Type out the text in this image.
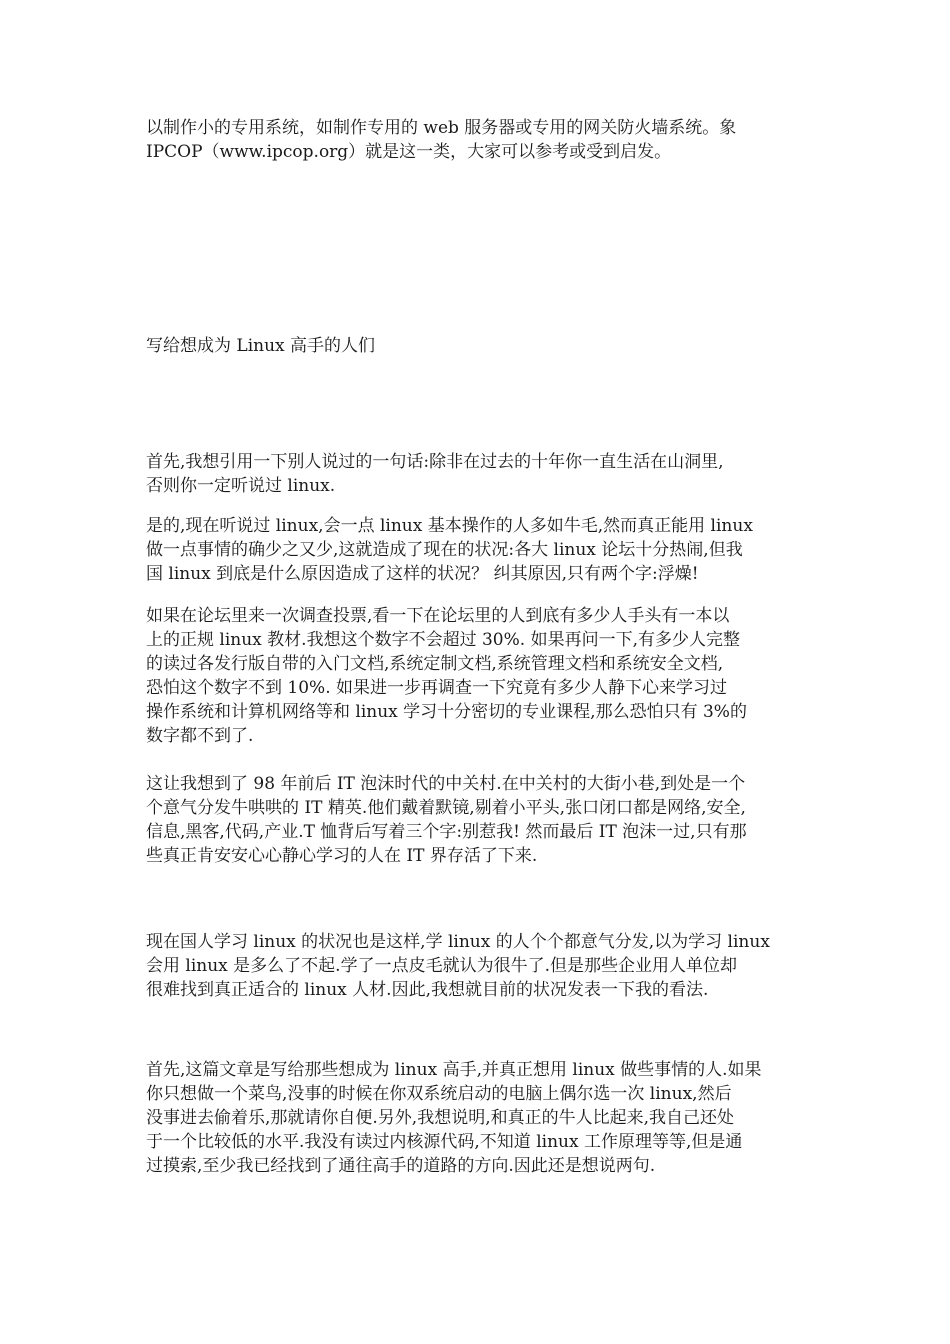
以制作小的专用系统，如制作专用的 web 服务器或专用的网关防火墙系统。象
IPCOP（www.ipcop.org）就是这一类，大家可以参考或受到启发。
写给想成为 Linux 高手的人们
首先,我想引用一下别人说过的一句话:除非在过去的十年你一直生活在山洞里,
否则你一定听说过 linux.
是的,现在听说过 linux,会一点 linux 基本操作的人多如牛毛,然而真正能用 linux
做一点事情的确少之又少,这就造成了现在的状况:各大 linux 论坛十分热闹,但我
国 linux 到底是什么原因造成了这样的状况？ 纠其原因,只有两个字:浮燥!
如果在论坛里来一次调查投票,看一下在论坛里的人到底有多少人手头有一本以
上的正规 linux 教材.我想这个数字不会超过 30%. 如果再问一下,有多少人完整
的读过各发行版自带的入门文档,系统定制文档,系统管理文档和系统安全文档,
恐怕这个数字不到 10%. 如果进一步再调查一下究竟有多少人静下心来学习过
操作系统和计算机网络等和 linux 学习十分密切的专业课程,那么恐怕只有 3%的
数字都不到了.
这让我想到了 98 年前后 IT 泡沫时代的中关村.在中关村的大街小巷,到处是一个
个意气分发牛哄哄的 IT 精英.他们戴着默镜,剔着小平头,张口闭口都是网络,安全,
信息,黑客,代码,产业.T 恤背后写着三个字:别惹我! 然而最后 IT 泡沫一过,只有那
些真正肯安安心心静心学习的人在 IT 界存活了下来.
现在国人学习 linux 的状况也是这样,学 linux 的人个个都意气分发,以为学习 linux
会用 linux 是多么了不起.学了一点皮毛就认为很牛了.但是那些企业用人单位却
很难找到真正适合的 linux 人材.因此,我想就目前的状况发表一下我的看法.
首先,这篇文章是写给那些想成为 linux 高手,并真正想用 linux 做些事情的人.如果
你只想做一个菜鸟,没事的时候在你双系统启动的电脑上偶尔选一次 linux,然后
没事进去偷着乐,那就请你自便.另外,我想说明,和真正的牛人比起来,我自己还处
于一个比较低的水平.我没有读过内核源代码,不知道 linux 工作原理等等,但是通
过摸索,至少我已经找到了通往高手的道路的方向.因此还是想说两句.
